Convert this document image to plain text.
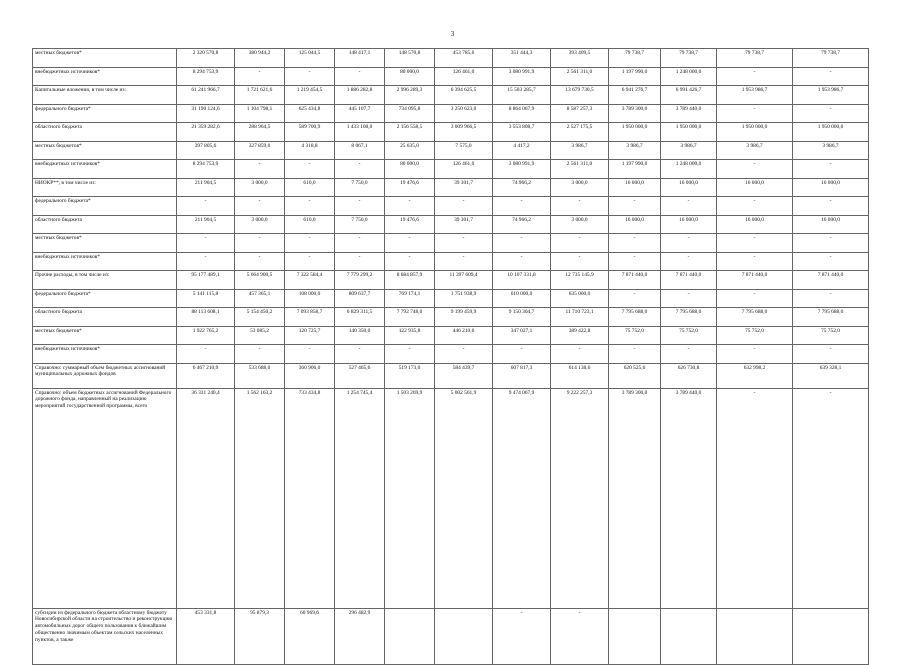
3
местных бюджетов*	2 320 570,8	380 944,2	125 044,5	148 417,1	148 570,8	453 785,6	351 444,3	393 409,5	79 738,7	79 738,7	79 738,7	79 738,7
внебюджетных источников*	8 294 753,9	-	-	-	80 000,0	126 461,0	3 080 991,9	2 561 311,0	1 197 990,0	1 248 000,0	-	-
Капитальные вложения, в том числе из:	61 241 966,7	1 721 621,6	1 219 454,5	1 886 282,8	2 996 289,3	6 394 625,5	15 503 285,7	13 679 730,5	6 941 276,7	6 991 426,7	1 953 986,7	1 953 986,7
федерального бюджета*	31 190 124,6	1 104 798,1	625 434,8	445 107,7	734 095,8	3 250 623,0	8 864 067,9	8 587 257,3	3 789 300,0	3 789 440,0	-	-
областного бюджета	21 359 282,6	288 964,5	589 700,9	1 433 108,0	2 156 558,5	3 009 966,5	3 553 808,7	2 527 175,5	1 950 000,0	1 950 000,0	1 950 000,0	1 950 000,0
местных бюджетов*	397 805,6	327 859,0	4 318,8	8 067,1	25 635,0	7 575,0	4 417,2	3 986,7	3 986,7	3 986,7	3 986,7	3 986,7
внебюджетных источников*	8 294 753,9	-	-	-	80 000,0	126 461,0	3 080 991,9	2 561 311,0	1 197 990,0	1 248 000,0	-	-
НИОКР**, в том числе из:	211 904,5	3 000,0	610,0	7 750,0	19 476,6	39 301,7	74 966,2	3 000,0	16 000,0	16 000,0	16 000,0	16 000,0
федерального бюджета*	-	-	-	-	-	-	-	-	-	-	-	-
областного бюджета	211 904,5	3 000,0	610,0	7 750,0	19 476,6	39 301,7	74 966,2	3 000,0	16 000,0	16 000,0	16 000,0	16 000,0
местных бюджетов*	-	-	-	-	-	-	-	-	-	-	-	-
внебюджетных источников*	-	-	-	-	-	-	-	-	-	-	-	-
Прочие расходы, в том числе из:	95 177 489,1	5 664 900,5	7 322 584,4	7 779 299,2	8 684 857,9	11 397 609,4	10 107 331,8	12 735 145,9	7 871 440,0	7 871 440,0	7 871 440,0	7 871 440,0
федерального бюджета*	5 141 115,8	457 365,1	108 000,0	809 637,7	769 174,1	1 751 938,9	610 000,0	635 000,0	-	-	-	-
областного бюджета	88 113 608,1	5 154 450,2	7 093 858,7	6 829 311,5	7 792 748,0	9 199 459,9	9 150 304,7	11 710 723,1	7 795 688,0	7 795 688,0	7 795 688,0	7 795 688,0
местных бюджетов*	1 922 765,2	53 085,2	120 725,7	140 350,0	122 935,8	446 210,6	347 027,1	389 422,8	75 752,0	75 752,0	75 752,0	75 752,0
внебюджетных источников*	-	-	-	-	-	-	-	-	-	-	-	-
Справочно: суммарный объем бюджетных ассигнований муниципальных дорожных фондов	6 467 210,9	533 688,0	360 906,0	527 465,6	519 173,0	584 439,7	607 817,3	614 138,6	620 525,6	626 730,8	632 998,2	639 328,1
Справочно: объем бюджетных ассигнований Федерального дорожного фонда, направленный на реализацию мероприятий государственной программы, всего	36 331 240,4	1 562 163,2	733 434,8	1 254 745,4	1 503 269,9	5 002 561,9	9 474 067,9	9 222 257,3	3 789 300,0	3 789 440,0	-	-
субсидии из федерального бюджета областному бюджету Новосибирской области на строительство и реконструкцию автомобильных дорог общего пользования к ближайшим общественно значимым объектам сельских населенных пунктов, а также	453 331,8	95 879,3	60 969,6	296 482,9			-	-				
